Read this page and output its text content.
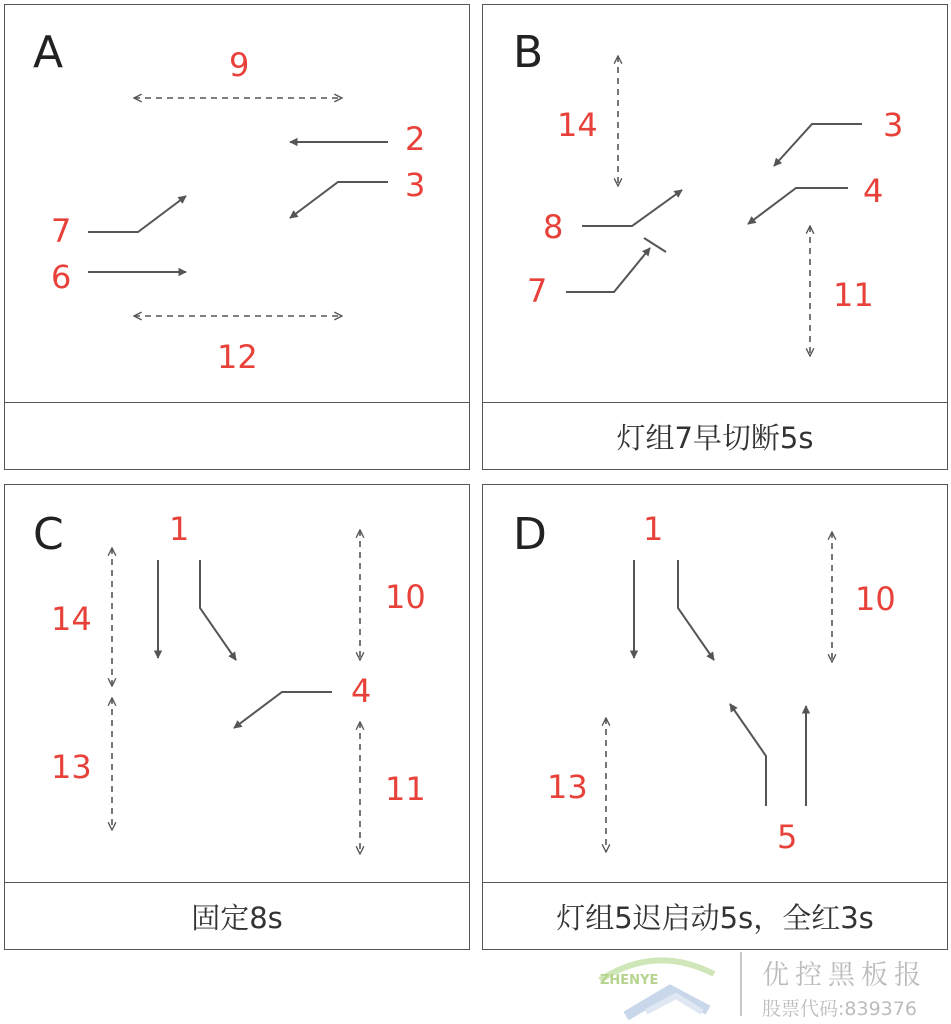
A	9
2
3
7
6
12
B
14	3
4
8
7	11
灯组7早切断5s
C	1
14
10
4
13
11
固定8s
D	1
10
13
5
灯组5迟启动5s，全红3s
ZHENYE	优控黑板报
股票代码:839376
